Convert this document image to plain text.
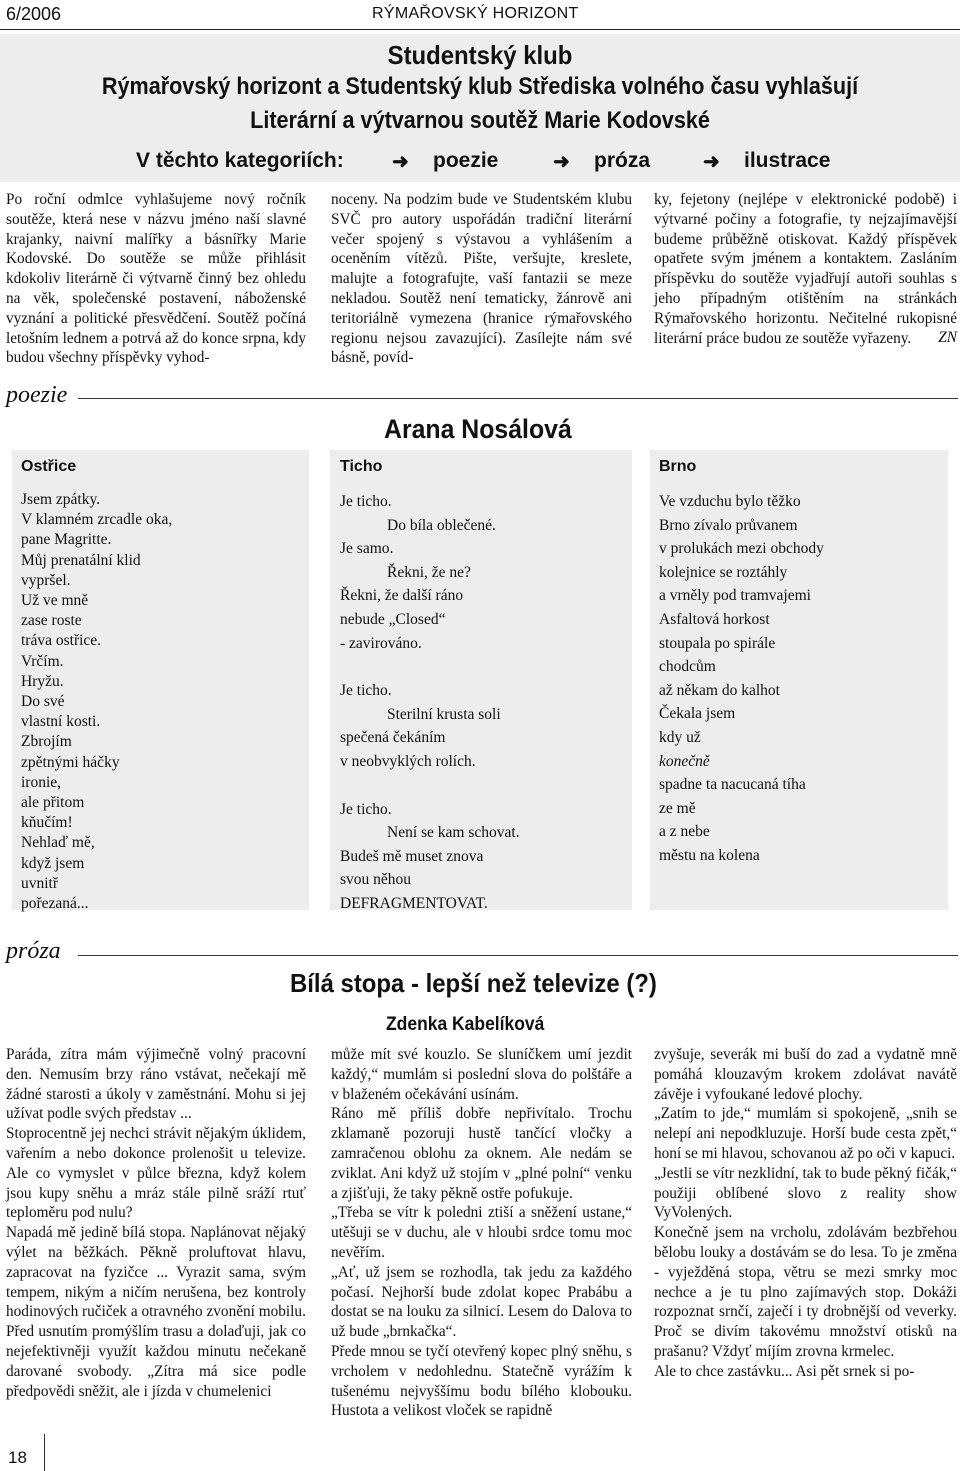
6/2006	RÝMAŘOVSKÝ HORIZONT
Studentský klub
Rýmařovský horizont a Studentský klub Střediska volného času vyhlašují
Literární a výtvarnou soutěž Marie Kodovské
V těchto kategoriích: ➜ poezie	➜ próza	➜ ilustrace

Po roční odmlce vyhlašujeme nový ročník soutěže, která nese v názvu jméno naší slavné krajanky, naivní malířky a básnířky Marie Kodovské. Do soutěže se může přihlásit kdokoliv literárně či výtvarně činný bez ohledu na věk, společenské postavení, náboženské vyznání a politické přesvědčení. Soutěž počíná letošním lednem a potrvá až do konce srpna, kdy budou všechny příspěvky vyhod-

noceny. Na podzim bude ve Studentském klubu SVČ pro autory uspořádán tradiční literární večer spojený s výstavou a vyhlášením a oceněním vítězů. Pište, veršujte, kreslete, malujte a fotografujte, vaší fantazii se meze nekladou. Soutěž není tematicky, žánrově ani teritoriálně vymezena (hranice rýmařovského regionu nejsou zavazující). Zasílejte nám své básně, povíd-

ky, fejetony (nejlépe v elektronické podobě) i výtvarné počiny a fotografie, ty nejzajímavější budeme průběžně otiskovat. Každý příspěvek opatřete svým jménem a kontaktem. Zasláním příspěvku do soutěže vyjadřují autoři souhlas s jeho případným otištěním na stránkách Rýmařovského horizontu. Nečitelné rukopisné literární práce budou ze soutěže vyřazeny.	ZN

poezie
Arana Nosálová
Ostřice
Jsem zpátky.
V klamném zrcadle oka,
pane Magritte.
Můj prenatální klid
vypršel.
Už ve mně
zase roste
tráva ostřice.
Vrčím.
Hryžu.
Do své
vlastní kosti.
Zbrojím
zpětnými háčky
ironie,
ale přitom
kňučím!
Nehlaď mě,
když jsem
uvnitř
pořezaná...
Ticho
Je ticho.
Do bíla oblečené.
Je samo.
Řekni, že ne?
Řekni, že další ráno
nebude „Closed“
- zavirováno.
Je ticho.
Sterilní krusta soli
spečená čekáním
v neobvyklých rolích.
Je ticho.
Není se kam schovat.
Budeš mě muset znova
svou něhou
DEFRAGMENTOVAT.
Brno
Ve vzduchu bylo těžko
Brno zívalo průvanem
v prolukách mezi obchody
kolejnice se roztáhly
a vrněly pod tramvajemi
Asfaltová horkost
stoupala po spirále
chodcům
až někam do kalhot
Čekala jsem
kdy už
konečně
spadne ta nacucaná tíha
ze mě
a z nebe
městu na kolena
próza
Bílá stopa - lepší než televize (?)
Zdenka Kabelíková

Paráda, zítra mám výjimečně volný pracovní den. Nemusím brzy ráno vstávat, nečekají mě žádné starosti a úkoly v zaměstnání. Mohu si jej užívat podle svých představ ...

Stoprocentně jej nechci strávit nějakým úklidem, vařením a nebo dokonce prolenošit u televize. Ale co vymyslet v půlce března, když kolem jsou kupy sněhu a mráz stále pilně sráží rtuť teploměru pod nulu?

Napadá mě jedině bílá stopa. Naplánovat nějaký výlet na běžkách. Pěkně proluftovat hlavu, zapracovat na fyzičce ... Vyrazit sama, svým tempem, nikým a ničím nerušena, bez kontroly hodinových ručiček a otravného zvonění mobilu.

Před usnutím promýšlím trasu a dolaďuji, jak co nejefektivněji využít každou minutu nečekaně darované svobody. „Zítra má sice podle předpovědi sněžit, ale i jízda v chumelenici

může mít své kouzlo. Se sluníčkem umí jezdit každý,“ mumlám si poslední slova do polštáře a v blaženém očekávání usínám.

Ráno mě příliš dobře nepřivítalo. Trochu zklamaně pozoruji hustě tančící vločky a zamračenou oblohu za oknem. Ale nedám se zviklat. Ani když už stojím v „plné polní“ venku a zjišťuji, že taky pěkně ostře pofukuje.

„Třeba se vítr k poledni ztiší a sněžení ustane,“ utěšuji se v duchu, ale v hloubi srdce tomu moc nevěřím.

„Ať, už jsem se rozhodla, tak jedu za každého počasí. Nejhorší bude zdolat kopec Prabábu a dostat se na louku za silnicí. Lesem do Dalova to už bude „brnkačka“.

Přede mnou se tyčí otevřený kopec plný sněhu, s vrcholem v nedohlednu. Statečně vyrážím k tušenému nejvyššímu bodu bílého klobouku. Hustota a velikost vloček se rapidně

zvyšuje, severák mi buší do zad a vydatně mně pomáhá klouzavým krokem zdolávat navátě závěje i vyfoukané ledové plochy.

„Zatím to jde,“ mumlám si spokojeně, „snih se nelepí ani nepodkluzuje. Horší bude cesta zpět,“ honí se mi hlavou, schovanou až po oči v kapuci.

„Jestli se vítr nezklidní, tak to bude pěkný fičák,“ použiji oblíbené slovo z reality show VyVolených.

Konečně jsem na vrcholu, zdolávám bezbřehou bělobu louky a dostávám se do lesa. To je změna - vyježděná stopa, větru se mezi smrky moc nechce a je tu plno zajímavých stop. Dokáži rozpoznat srnčí, zaječí i ty drobnější od veverky. Proč se divím takovému množství otisků na prašanu? Vždyť míjím zrovna krmelec.

Ale to chce zastávku... Asi pět srnek si po-

18
